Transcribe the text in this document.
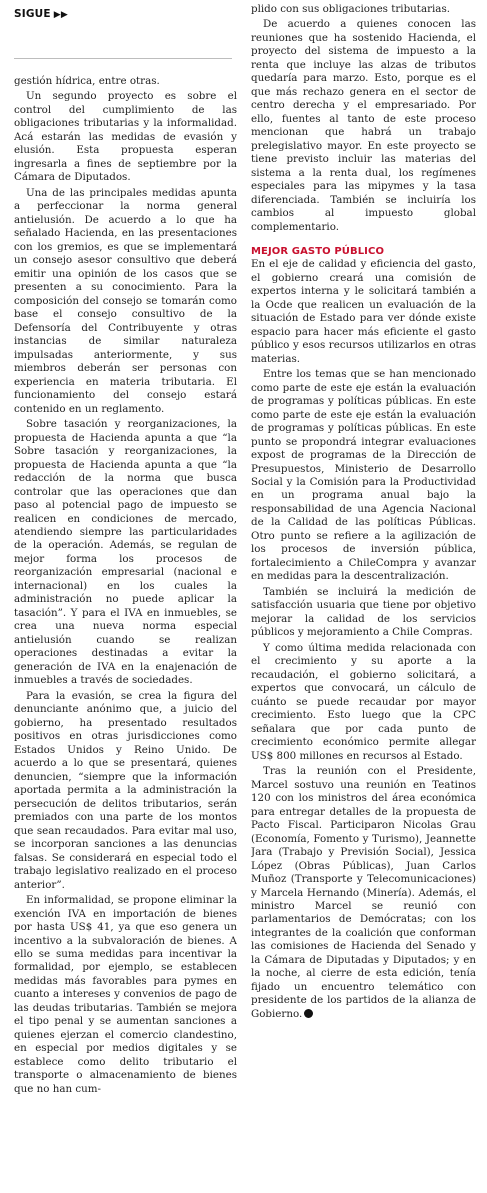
SIGUE ▶▶

gestión hídrica, entre otras.

Un segundo proyecto es sobre el control del cumplimiento de las obligaciones tributarias y la informalidad. Acá estarán las medidas de evasión y elusión. Esta propuesta esperan ingresarla a fines de septiembre por la Cámara de Diputados.

Una de las principales medidas apunta a perfeccionar la norma general antielusión. De acuerdo a lo que ha señalado Hacienda, en las presentaciones con los gremios, es que se implementará un consejo asesor consultivo que deberá emitir una opinión de los casos que se presenten a su conocimiento. Para la composición del consejo se tomarán como base el consejo consultivo de la Defensoría del Contribuyente y otras instancias de similar naturaleza impulsadas anteriormente, y sus miembros deberán ser personas con experiencia en materia tributaria. El funcionamiento del consejo estará contenido en un reglamento.

Sobre tasación y reorganizaciones, la propuesta de Hacienda apunta a que “la Sobre tasación y reorganizaciones, la propuesta de Hacienda apunta a que “la redacción de la norma que busca controlar que las operaciones que dan paso al potencial pago de impuesto se realicen en condiciones de mercado, atendiendo siempre las particularidades de la operación. Además, se regulan de mejor forma los procesos de reorganización empresarial (nacional e internacional) en los cuales la administración no puede aplicar la tasación”. Y para el IVA en inmuebles, se crea una nueva norma especial antielusión cuando se realizan operaciones destinadas a evitar la generación de IVA en la enajenación de inmuebles a través de sociedades.

Para la evasión, se crea la figura del denunciante anónimo que, a juicio del gobierno, ha presentado resultados positivos en otras jurisdicciones como Estados Unidos y Reino Unido. De acuerdo a lo que se presentará, quienes denuncien, “siempre que la información aportada permita a la administración la persecución de delitos tributarios, serán premiados con una parte de los montos que sean recaudados. Para evitar mal uso, se incorporan sanciones a las denuncias falsas. Se considerará en especial todo el trabajo legislativo realizado en el proceso anterior”.

En informalidad, se propone eliminar la exención IVA en importación de bienes por hasta US$ 41, ya que eso genera un incentivo a la subvaloración de bienes. A ello se suma medidas para incentivar la formalidad, por ejemplo, se establecen medidas más favorables para pymes en cuanto a intereses y convenios de pago de las deudas tributarias. También se mejora el tipo penal y se aumentan sanciones a quienes ejerzan el comercio clandestino, en especial por medios digitales y se establece como delito tributario el transporte o almacenamiento de bienes que no han cum-

plido con sus obligaciones tributarias.

De acuerdo a quienes conocen las reuniones que ha sostenido Hacienda, el proyecto del sistema de impuesto a la renta que incluye las alzas de tributos quedaría para marzo. Esto, porque es el que más rechazo genera en el sector de centro derecha y el empresariado. Por ello, fuentes al tanto de este proceso mencionan que habrá un trabajo prelegislativo mayor. En este proyecto se tiene previsto incluir las materias del sistema a la renta dual, los regímenes especiales para las mipymes y la tasa diferenciada. También se incluiría los cambios al impuesto global complementario.

MEJOR GASTO PÚBLICO

En el eje de calidad y eficiencia del gasto, el gobierno creará una comisión de expertos interna y le solicitará también a la Ocde que realicen un evaluación de la situación de Estado para ver dónde existe espacio para hacer más eficiente el gasto público y esos recursos utilizarlos en otras materias.

Entre los temas que se han mencionado como parte de este eje están la evaluación de programas y políticas públicas. En este como parte de este eje están la evaluación de programas y políticas públicas. En este punto se propondrá integrar evaluaciones expost de programas de la Dirección de Presupuestos, Ministerio de Desarrollo Social y la Comisión para la Productividad en un programa anual bajo la responsabilidad de una Agencia Nacional de la Calidad de las políticas Públicas. Otro punto se refiere a la agilización de los procesos de inversión pública, fortalecimiento a ChileCompra y avanzar en medidas para la descentralización.

También se incluirá la medición de satisfacción usuaria que tiene por objetivo mejorar la calidad de los servicios públicos y mejoramiento a Chile Compras.

Y como última medida relacionada con el crecimiento y su aporte a la recaudación, el gobierno solicitará, a expertos que convocará, un cálculo de cuánto se puede recaudar por mayor crecimiento. Esto luego que la CPC señalara que por cada punto de crecimiento económico permite allegar US$ 800 millones en recursos al Estado.

Tras la reunión con el Presidente, Marcel sostuvo una reunión en Teatinos 120 con los ministros del área económica para entregar detalles de la propuesta de Pacto Fiscal. Participaron Nicolas Grau (Economía, Fomento y Turismo), Jeannette Jara (Trabajo y Previsión Social), Jessica López (Obras Públicas), Juan Carlos Muñoz (Transporte y Telecomunicaciones) y Marcela Hernando (Minería). Además, el ministro Marcel se reunió con parlamentarios de Demócratas; con los integrantes de la coalición que conforman las comisiones de Hacienda del Senado y la Cámara de Diputadas y Diputados; y en la noche, al cierre de esta edición, tenía fijado un encuentro telemático con presidente de los partidos de la alianza de Gobierno. P
